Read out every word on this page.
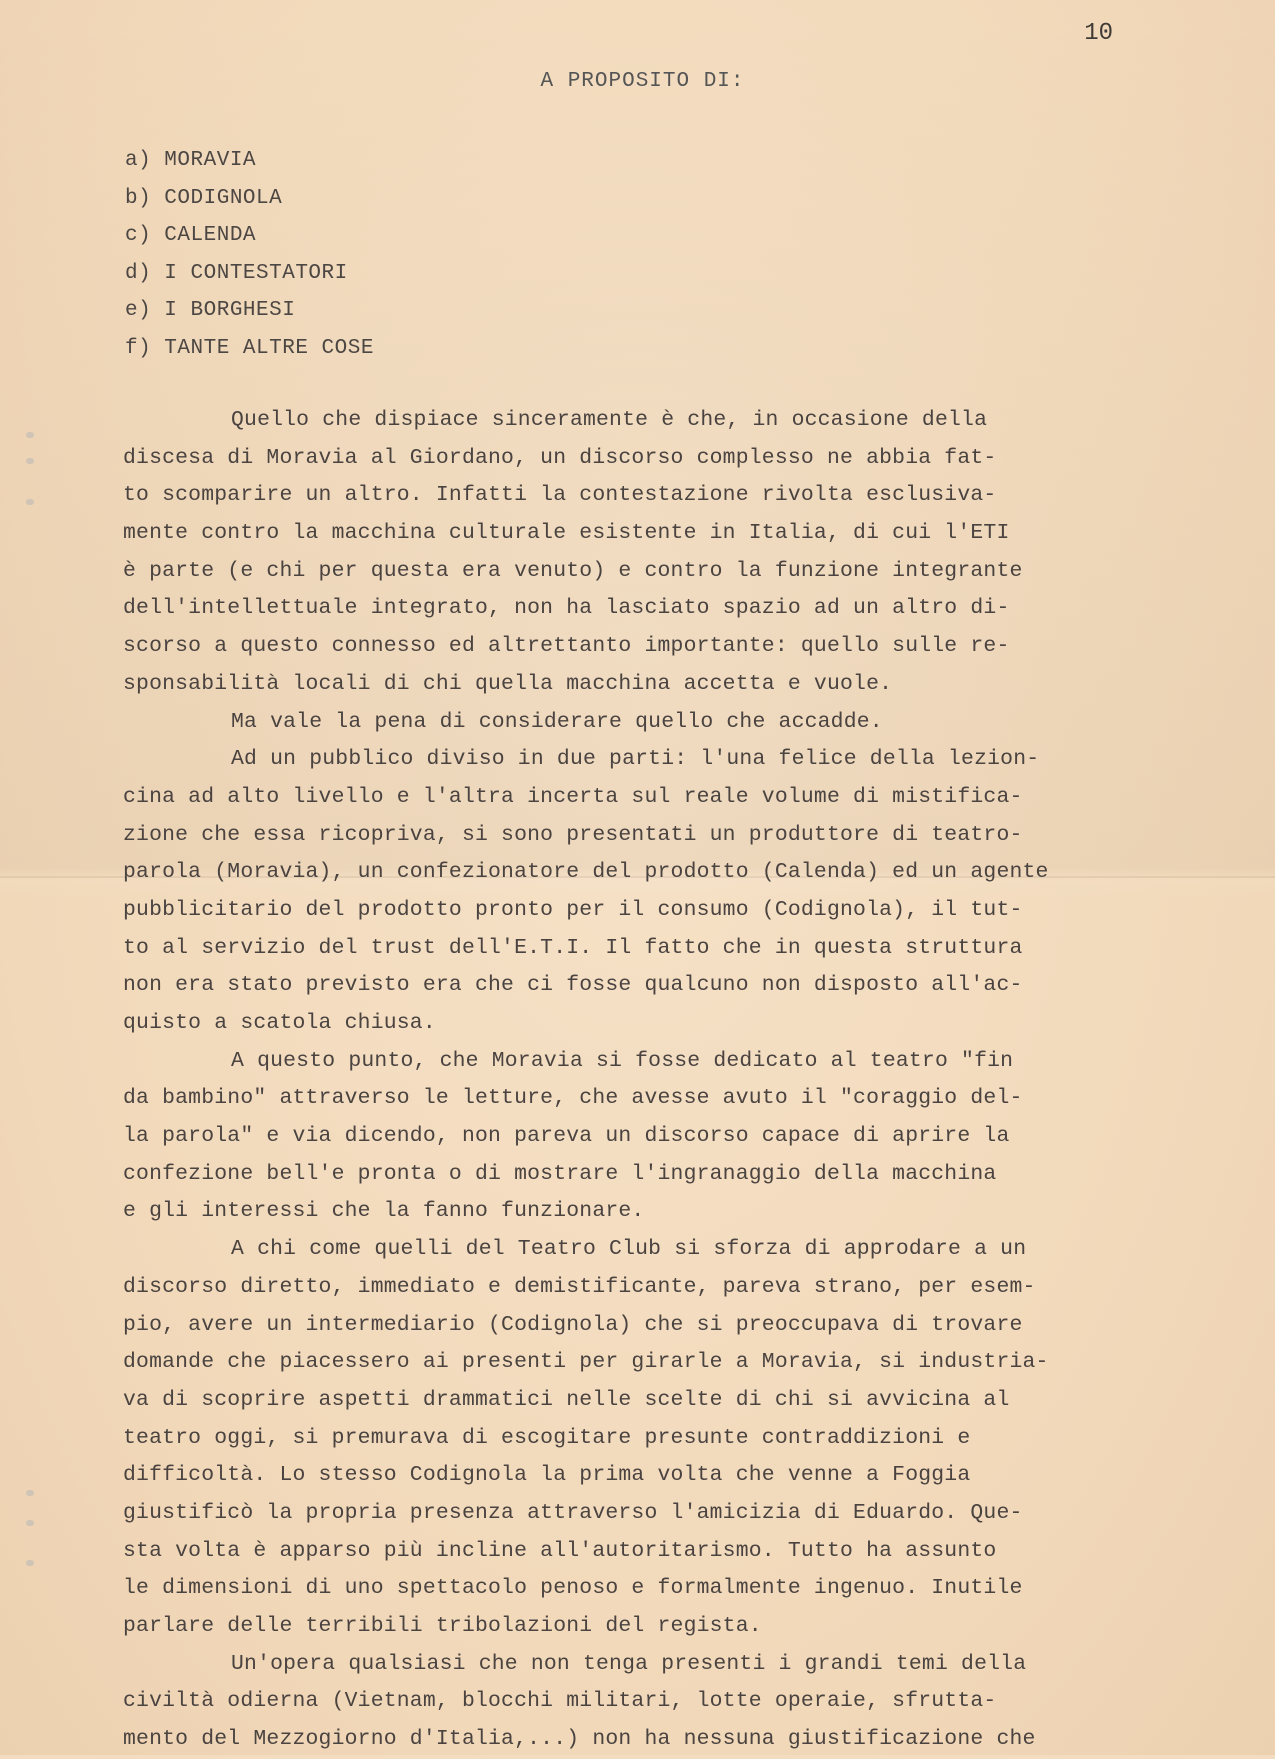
10
A PROPOSITO DI:
a) MORAVIA
b) CODIGNOLA
c) CALENDA
d) I CONTESTATORI
e) I BORGHESI
f) TANTE ALTRE COSE
Quello che dispiace sinceramente è che, in occasione della
discesa di Moravia al Giordano, un discorso complesso ne abbia fat-
to scomparire un altro. Infatti la contestazione rivolta esclusiva-
mente contro la macchina culturale esistente in Italia, di cui l'ETI
è parte (e chi per questa era venuto) e contro la funzione integrante
dell'intellettuale integrato, non ha lasciato spazio ad un altro di-
scorso a questo connesso ed altrettanto importante: quello sulle re-
sponsabilità locali di chi quella macchina accetta e vuole.
Ma vale la pena di considerare quello che accadde.
Ad un pubblico diviso in due parti: l'una felice della lezion-
cina ad alto livello e l'altra incerta sul reale volume di mistifica-
zione che essa ricopriva, si sono presentati un produttore di teatro-
parola (Moravia), un confezionatore del prodotto (Calenda) ed un agente
pubblicitario del prodotto pronto per il consumo (Codignola), il tut-
to al servizio del trust dell'E.T.I. Il fatto che in questa struttura
non era stato previsto era che ci fosse qualcuno non disposto all'ac-
quisto a scatola chiusa.
A questo punto, che Moravia si fosse dedicato al teatro "fin
da bambino" attraverso le letture, che avesse avuto il "coraggio del-
la parola" e via dicendo, non pareva un discorso capace di aprire la
confezione bell'e pronta o di mostrare l'ingranaggio della macchina
e gli interessi che la fanno funzionare.
A chi come quelli del Teatro Club si sforza di approdare a un
discorso diretto, immediato e demistificante, pareva strano, per esem-
pio, avere un intermediario (Codignola) che si preoccupava di trovare
domande che piacessero ai presenti per girarle a Moravia, si industria-
va di scoprire aspetti drammatici nelle scelte di chi si avvicina al
teatro oggi, si premurava di escogitare presunte contraddizioni e
difficoltà. Lo stesso Codignola la prima volta che venne a Foggia
giustificò la propria presenza attraverso l'amicizia di Eduardo. Que-
sta volta è apparso più incline all'autoritarismo. Tutto ha assunto
le dimensioni di uno spettacolo penoso e formalmente ingenuo. Inutile
parlare delle terribili tribolazioni del regista.
Un'opera qualsiasi che non tenga presenti i grandi temi della
civiltà odierna (Vietnam, blocchi militari, lotte operaie, sfrutta-
mento del Mezzogiorno d'Italia,...) non ha nessuna giustificazione che
